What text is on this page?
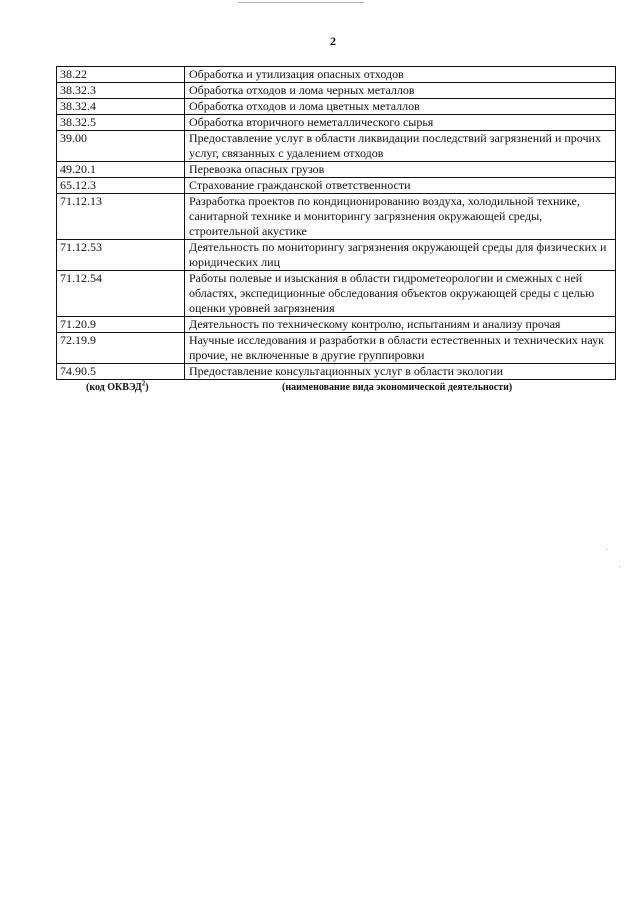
2
38.22	Обработка и утилизация опасных отходов
38.32.3	Обработка отходов и лома черных металлов
38.32.4	Обработка отходов и лома цветных металлов
38.32.5	Обработка вторичного неметаллического сырья
39.00	Предоставление услуг в области ликвидации последствий загрязнений и прочих услуг, связанных с удалением отходов
49.20.1	Перевозка опасных грузов
65.12.3	Страхование гражданской ответственности
71.12.13	Разработка проектов по кондиционированию воздуха, холодильной технике, санитарной технике и мониторингу загрязнения окружающей среды, строительной акустике
71.12.53	Деятельность по мониторингу загрязнения окружающей среды для физических и юридических лиц
71.12.54	Работы полевые и изыскания в области гидрометеорологии и смежных с ней областях, экспедиционные обследования объектов окружающей среды с целью оценки уровней загрязнения
71.20.9	Деятельность по техническому контролю, испытаниям и анализу прочая
72.19.9	Научные исследования и разработки в области естественных и технических наук прочие, не включенные в другие группировки
74.90.5	Предоставление консультационных услуг в области экологии
(код ОКВЭД$^2$)	(наименование вида экономической деятельности)
